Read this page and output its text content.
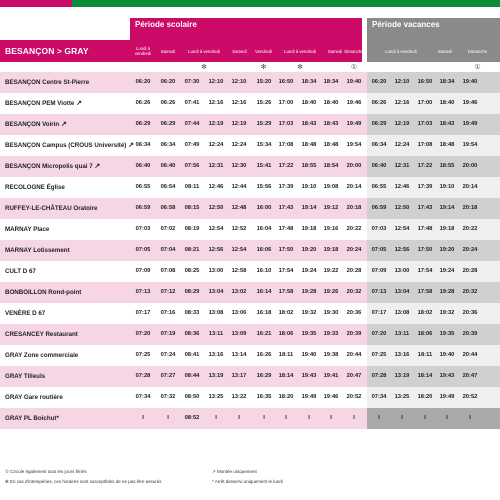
Période scolaire	Période vacances
BESANÇON > GRAY	Lundi à vendredi	Samedi	Lundi à vendredi	Samedi	Vendredi	Lundi à vendredi	Samedi Dimanche	Lundi à vendredi	Samedi	Dimanche
✻	✻	✻	①	①
BESANÇON Centre St-Pierre	06:20	06:20	07:30	12:10	12:10	15:20	16:50	18:34	18:34	19:40	06:20	12:10	16:50	18:34	19:40
BESANÇON PEM Viotte ↗	06:26	06:26	07:41	12:16	12:16	15:26	17:00	18:40	18:40	19:46	06:26	12:16	17:00	18:40	19:46
BESANÇON Voirin ↗	06:29	06:29	07:44	12:19	12:19	15:29	17:03	18:43	18:43	19:49	06:29	12:19	17:03	18:43	19:49
BESANÇON Campus (CROUS Université) ↗ 06:34	06:34	07:49	12:24	12:24	15:34	17:08	18:48	18:48	19:54	06:34	12:24	17:08	18:48	19:54
BESANÇON Micropolis quai 7 ↗	06:40	06:40	07:56	12:31	12:30	15:41	17:22	18:55	18:54	20:00	06:40	12:31	17:22	18:55	20:00
RECOLOGNE Église	06:55	06:54	08:11	12:46	12:44	15:56	17:39	19:10	19:08	20:14	06:55	12:46	17:39	19:10	20:14
RUFFEY-LE-CHÂTEAU Oratoire	06:59	06:58	08:15	12:50	12:48	16:00	17:43	19:14	19:12	20:18	06:59	12:50	17:43	19:14	20:18
MARNAY Place	07:03	07:02	08:19	12:54	12:52	16:04	17:48	19:18	19:16	20:22	07:03	12:54	17:48	19:18	20:22
MARNAY Lotissement	07:05	07:04	08:21	12:56	12:54	16:06	17:50	19:20	19:18	20:24	07:05	12:56	17:50	19:20	20:24
CULT D 67	07:09	07:08	08:25	13:00	12:58	16:10	17:54	19:24	19:22	20:28	07:09	13:00	17:54	19:24	20:28
BONBOILLON Rond-point	07:13	07:12	08:29	13:04	13:02	16:14	17:58	19:28	19:26	20:32	07:13	13:04	17:58	19:28	20:32
VENÈRE D 67	07:17	07:16	08:33	13:08	13:06	16:18	18:02	19:32	19:30	20:36	07:17	13:08	18:02	19:32	20:36
CRESANCEY Restaurant	07:20	07:19	08:36	13:11	13:09	16:21	18:06	19:35	19:33	20:39	07:20	13:11	18:06	19:35	20:39
GRAY Zone commerciale	07:25	07:24	08:41	13:16	13:14	16:26	18:11	19:40	19:38	20:44	07:25	13:16	18:11	19:40	20:44
GRAY Tilleuls	07:28	07:27	08:44	13:19	13:17	16:29	18:14	19:43	19:41	20:47	07:28	13:19	18:14	19:43	20:47
GRAY Gare routière	07:34	07:32	08:50	13:25	13:22	16:35	18:20	19:49	19:46	20:52	07:34	13:25	18:20	19:49	20:52
GRAY PL Boichut*	I	I	08:52	I	I	I	I	I	I	I	I	I	I	I	I
① Circule également tous les jours fériés
✻ En cas d'intempéries, ces horaires sont susceptibles de ne pas être assurés
↗ Montée uniquement
* Arrêt desservi uniquement le lundi
